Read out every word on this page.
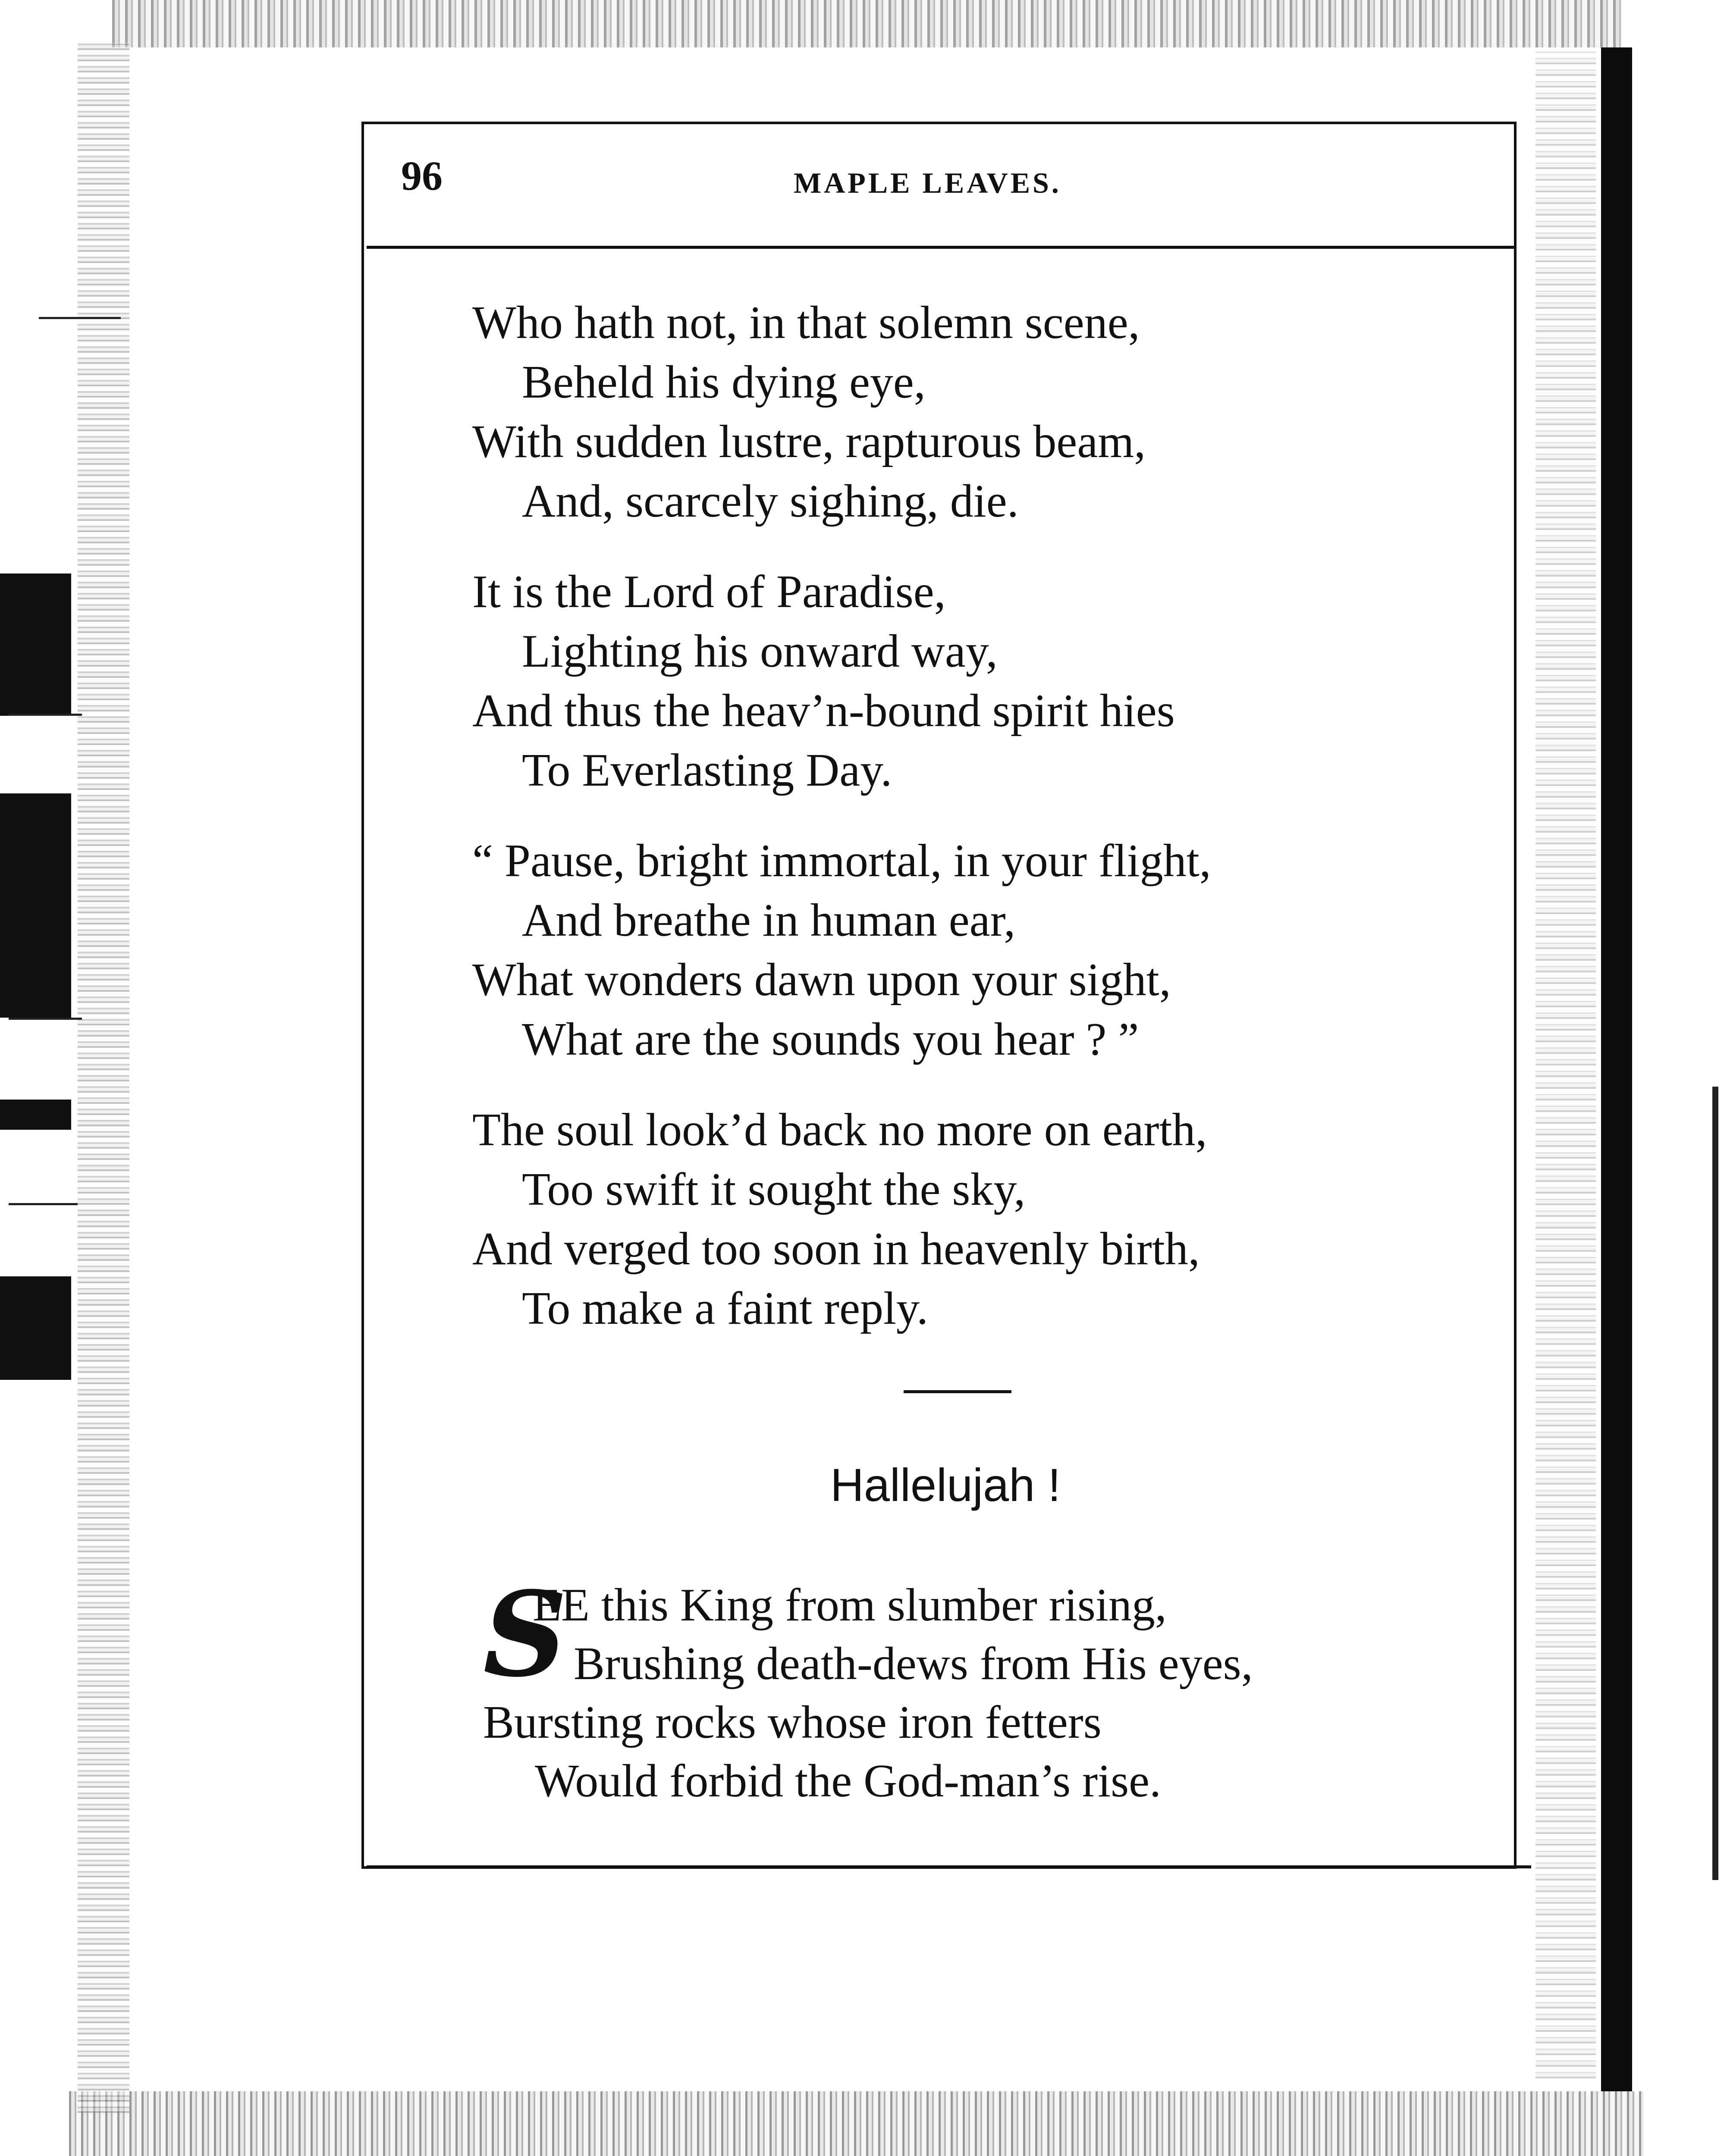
96	MAPLE LEAVES.

Who hath not, in that solemn scene,

Beheld his dying eye,

With sudden lustre, rapturous beam,

And, scarcely sighing, die.

It is the Lord of Paradise,

Lighting his onward way,

And thus the heav’n-bound spirit hies

To Everlasting Day.

“ Pause, bright immortal, in your flight,

And breathe in human ear,

What wonders dawn upon your sight,

What are the sounds you hear ? ”

The soul look’d back no more on earth,

Too swift it sought the sky,

And verged too soon in heavenly birth,

To make a faint reply.

Hallelujah !
S

EE this King from slumber rising,

Brushing death-dews from His eyes,

Bursting rocks whose iron fetters

Would forbid the God-man’s rise.
